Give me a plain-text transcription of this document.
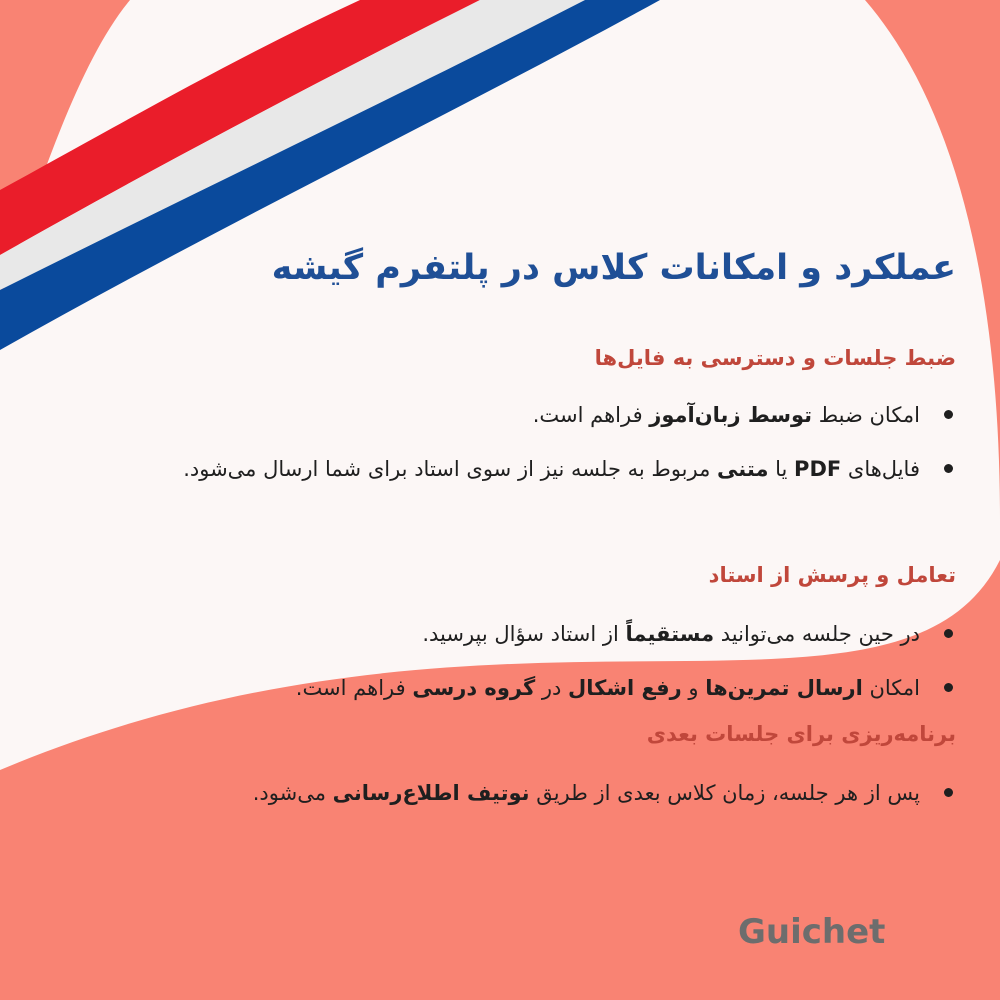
عملکرد و امکانات کلاس در پلتفرم گیشه
ضبط جلسات و دسترسی به فایل‌ها
امکان ضبط توسط زبان‌آموز فراهم است.
فایل‌های PDF یا متنی مربوط به جلسه نیز از سوی استاد برای شما ارسال می‌شود.
تعامل و پرسش از استاد
در حین جلسه می‌توانید مستقیماً از استاد سؤال بپرسید.
امکان ارسال تمرین‌ها و رفع اشکال در گروه درسی فراهم است.
برنامه‌ریزی برای جلسات بعدی
پس از هر جلسه، زمان کلاس بعدی از طریق نوتیف اطلاع‌رسانی می‌شود.
Guichet
